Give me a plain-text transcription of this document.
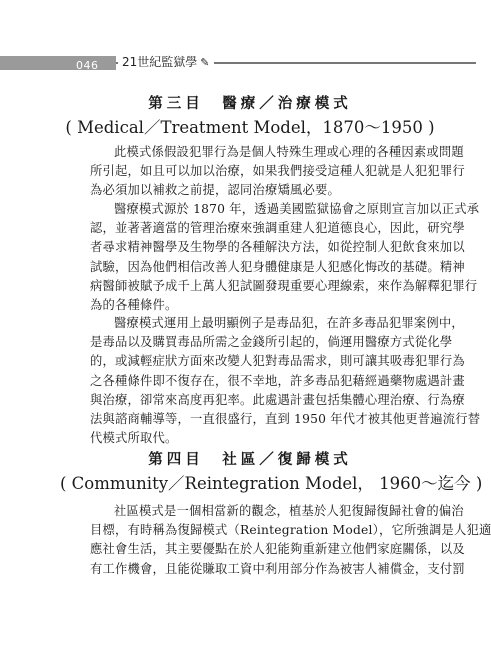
046	21世紀監獄學 ✎
第三目　醫療／治療模式
( Medical／Treatment Model，1870～1950 )
此模式係假設犯罪行為是個人特殊生理或心理的各種因素或問題
所引起，如且可以加以治療，如果我們接受這種人犯就是人犯犯罪行
為必須加以補救之前提，認同治療矯風必要。
醫療模式源於 1870 年，透過美國監獄協會之原則宣言加以正式承
認，並著著適當的管理治療來強調重建人犯道德良心，因此，研究學
者尋求精神醫學及生物學的各種解決方法，如從控制人犯飲食來加以
試驗，因為他們相信改善人犯身體健康是人犯感化悔改的基礎。精神
病醫師被賦予成千上萬人犯試圖發現重要心理線索，來作為解釋犯罪行
為的各種條件。
醫療模式運用上最明顯例子是毒品犯，在許多毒品犯罪案例中，
是毒品以及購買毒品所需之金錢所引起的，倘運用醫療方式從化學
的，或減輕症狀方面來改變人犯對毒品需求，則可讓其吸毒犯罪行為
之各種條件即不復存在，很不幸地，許多毒品犯藉經過藥物處遇計畫
與治療，卻常來高度再犯率。此處遇計畫包括集體心理治療、行為療
法與諮商輔導等，一直很盛行，直到 1950 年代才被其他更普遍流行替
代模式所取代。
第四目　社區／復歸模式
( Community／Reintegration Model， 1960～迄今 )
社區模式是一個相當新的觀念，植基於人犯復歸復歸社會的偏治
目標，有時稱為復歸模式（Reintegration Model），它所強調是人犯適
應社會生活，其主要優點在於人犯能夠重新建立他們家庭關係，以及
有工作機會，且能從賺取工資中利用部分作為被害人補償金，支付罰
